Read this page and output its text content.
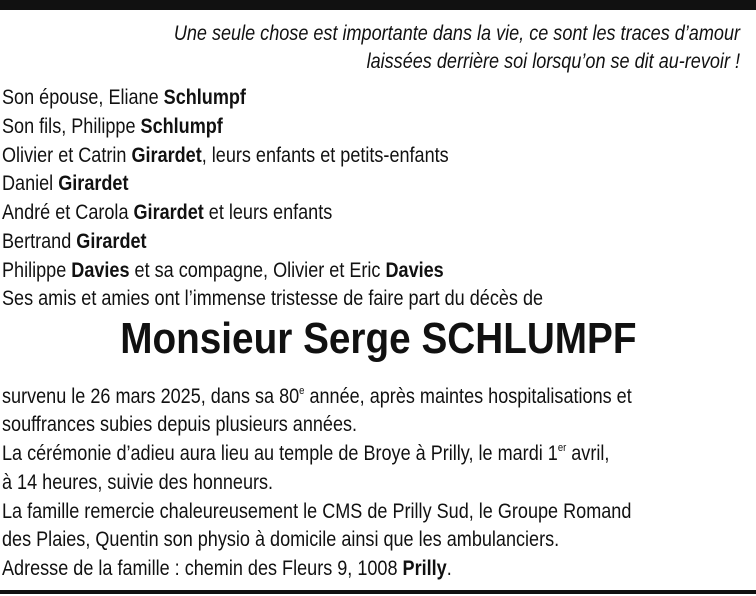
Une seule chose est importante dans la vie, ce sont les traces d’amour
laissées derrière soi lorsqu’on se dit au-revoir !
Son épouse, Eliane Schlumpf
Son fils, Philippe Schlumpf
Olivier et Catrin Girardet, leurs enfants et petits-enfants
Daniel Girardet
André et Carola Girardet et leurs enfants
Bertrand Girardet
Philippe Davies et sa compagne, Olivier et Eric Davies
Ses amis et amies ont l’immense tristesse de faire part du décès de
Monsieur Serge SCHLUMPF
survenu le 26 mars 2025, dans sa 80e année, après maintes hospitalisations et
souffrances subies depuis plusieurs années.
La cérémonie d’adieu aura lieu au temple de Broye à Prilly, le mardi 1er avril,
à 14 heures, suivie des honneurs.
La famille remercie chaleureusement le CMS de Prilly Sud, le Groupe Romand
des Plaies, Quentin son physio à domicile ainsi que les ambulanciers.
Adresse de la famille : chemin des Fleurs 9, 1008 Prilly.
